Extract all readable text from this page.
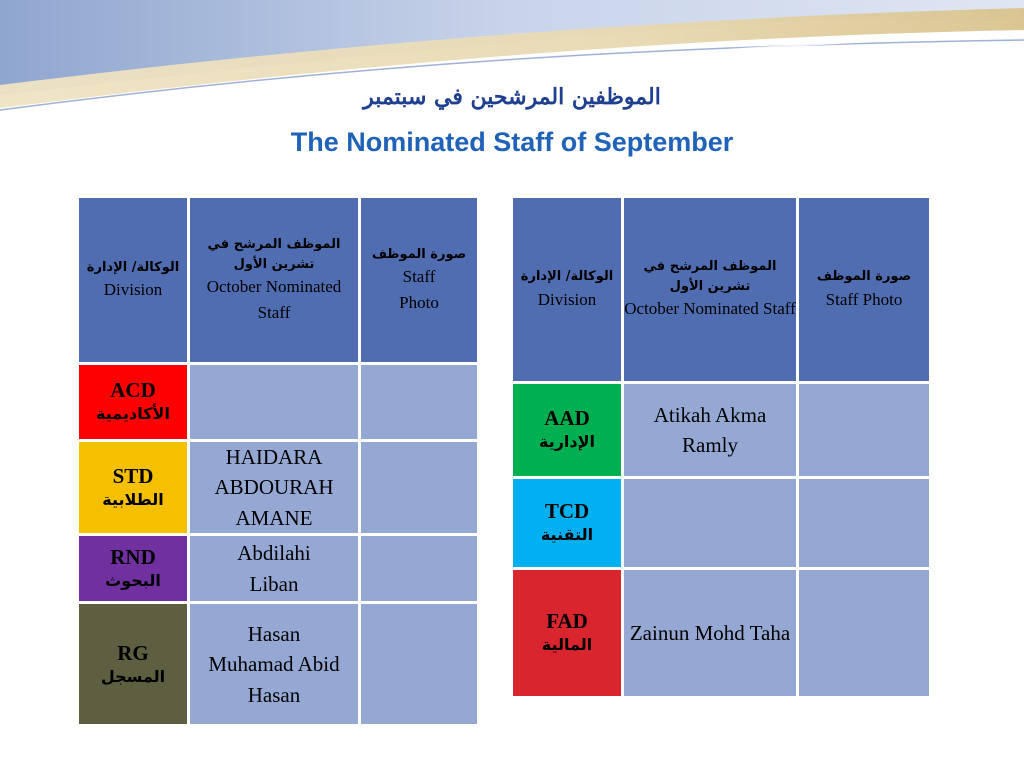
الموظفين المرشحين في سبتمبر
The Nominated Staff of September
الوكالة/ الإدارة
Division	الموظف المرشح في تشرين الأول
October Nominated Staff	صورة الموظف
Staff Photo

ACD
الأكاديمية		

STD
الطلابية	HAIDARA ABDOURAH AMANE	

RND
البحوث	Abdilahi Liban	

RG
المسجل	Hasan Muhamad Abid Hasan	

الوكالة/ الإدارة
Division	الموظف المرشح في تشرين الأول
October Nominated Staff	صورة الموظف
Staff Photo

AAD
الإدارية	Atikah Akma Ramly	

TCD
التقنية		

FAD
المالية	Zainun Mohd Taha	
